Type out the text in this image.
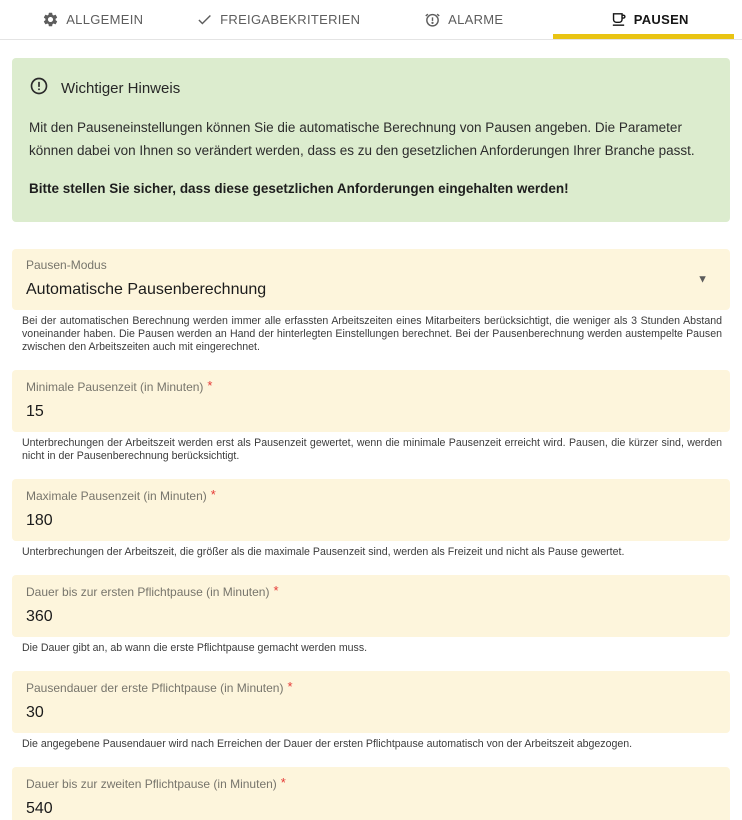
ALLGEMEIN	FREIGABEKRITERIEN	ALARME	PAUSEN
Wichtiger Hinweis

Mit den Pauseneinstellungen können Sie die automatische Berechnung von Pausen angeben. Die Parameter können dabei von Ihnen so verändert werden, dass es zu den gesetzlichen Anforderungen Ihrer Branche passt.

Bitte stellen Sie sicher, dass diese gesetzlichen Anforderungen eingehalten werden!

Pausen-Modus
Automatische Pausenberechnung
▼
Bei der automatischen Berechnung werden immer alle erfassten Arbeitszeiten eines Mitarbeiters berücksichtigt, die weniger als 3 Stunden Abstand voneinander haben. Die Pausen werden an Hand der hinterlegten Einstellungen berechnet. Bei der Pausenberechnung werden austempelte Pausen zwischen den Arbeitszeiten auch mit eingerechnet.
Minimale Pausenzeit (in Minuten) *
15
Unterbrechungen der Arbeitszeit werden erst als Pausenzeit gewertet, wenn die minimale Pausenzeit erreicht wird. Pausen, die kürzer sind, werden nicht in der Pausenberechnung berücksichtigt.
Maximale Pausenzeit (in Minuten) *
180
Unterbrechungen der Arbeitszeit, die größer als die maximale Pausenzeit sind, werden als Freizeit und nicht als Pause gewertet.
Dauer bis zur ersten Pflichtpause (in Minuten) *
360
Die Dauer gibt an, ab wann die erste Pflichtpause gemacht werden muss.
Pausendauer der erste Pflichtpause (in Minuten) *
30
Die angegebene Pausendauer wird nach Erreichen der Dauer der ersten Pflichtpause automatisch von der Arbeitszeit abgezogen.
Dauer bis zur zweiten Pflichtpause (in Minuten) *
540
